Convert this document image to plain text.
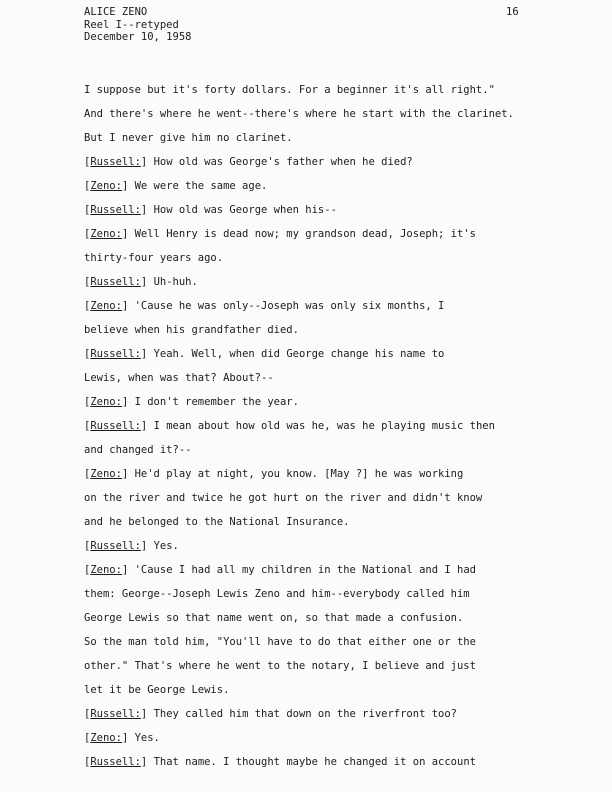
ALICE ZENO
Reel I--retyped
December 10, 1958
16
I suppose but it's forty dollars. For a beginner it's all right."
And there's where he went--there's where he start with the clarinet.
But I never give him no clarinet.
[Russell:] How old was George's father when he died?
[Zeno:] We were the same age.
[Russell:] How old was George when his--
[Zeno:] Well Henry is dead now; my grandson dead, Joseph; it's
thirty-four years ago.
[Russell:] Uh-huh.
[Zeno:] 'Cause he was only--Joseph was only six months, I
believe when his grandfather died.
[Russell:] Yeah. Well, when did George change his name to
Lewis, when was that? About?--
[Zeno:] I don't remember the year.
[Russell:] I mean about how old was he, was he playing music then
and changed it?--
[Zeno:] He'd play at night, you know. [May ?] he was working
on the river and twice he got hurt on the river and didn't know
and he belonged to the National Insurance.
[Russell:] Yes.
[Zeno:] 'Cause I had all my children in the National and I had
them: George--Joseph Lewis Zeno and him--everybody called him
George Lewis so that name went on, so that made a confusion.
So the man told him, "You'll have to do that either one or the
other." That's where he went to the notary, I believe and just
let it be George Lewis.
[Russell:] They called him that down on the riverfront too?
[Zeno:] Yes.
[Russell:] That name. I thought maybe he changed it on account
